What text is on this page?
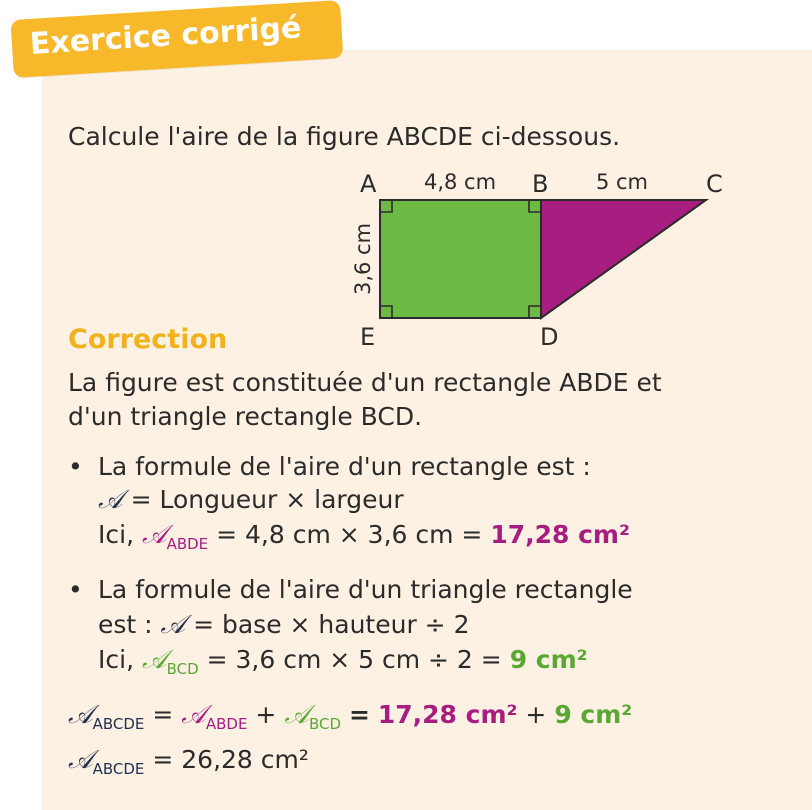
Exercice corrigé
Calcule l'aire de la figure ABCDE ci-dessous.
A	B	C
D
E
4,8 cm	5 cm
3,6 cm
Correction
La figure est constituée d'un rectangle ABDE et
d'un triangle rectangle BCD.
• La formule de l'aire d'un rectangle est :
𝒜 = Longueur × largeur
Ici, 𝒜$_{ABDE}$ = 4,8 cm × 3,6 cm = 17,28 cm²
• La formule de l'aire d'un triangle rectangle
est : 𝒜 = base × hauteur ÷ 2
Ici, 𝒜$_{BCD}$ = 3,6 cm × 5 cm ÷ 2 = 9 cm²
𝒜$_{ABCDE}$ = 𝒜$_{ABDE}$ + 𝒜$_{BCD}$ = 17,28 cm² + 9 cm²
𝒜$_{ABCDE}$ = 26,28 cm²
